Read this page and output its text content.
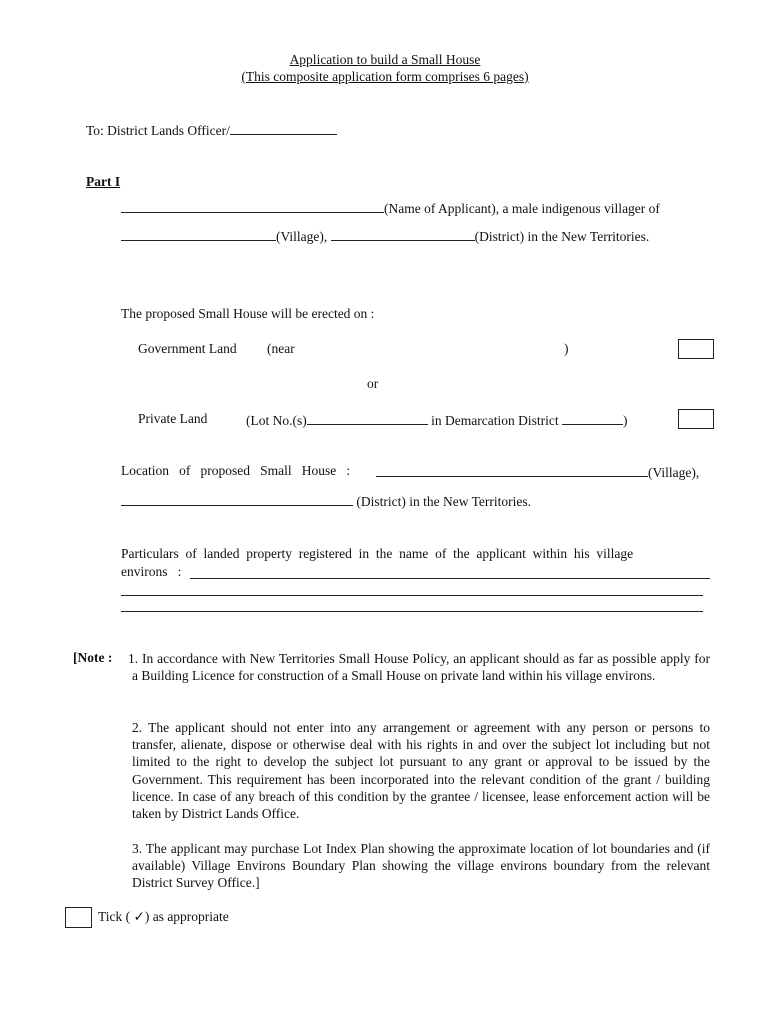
Application to build a Small House
(This composite application form comprises 6 pages)
To: District Lands Officer/
Part I
(Name of Applicant), a male indigenous villager of
(Village),	(District) in the New Territories.
The proposed Small House will be erected on :
Government Land (near	)
or
Private Land	(Lot No.(s)	in Demarcation District	)
Location   of   proposed   Small   House   :	(Village),
(District) in the New Territories.
Particulars  of  landed  property  registered  in  the  name  of  the  applicant  within  his  village
environs   :
[Note : 1. In accordance with New Territories Small House Policy, an applicant should as far as possible apply for a Building Licence for construction of a Small House on private land within his village environs.
2. The applicant should not enter into any arrangement or agreement with any person or persons to transfer, alienate, dispose or otherwise deal with his rights in and over the subject lot including but not limited to the right to develop the subject lot pursuant to any grant or approval to be issued by the Government. This requirement has been incorporated into the relevant condition of the grant / building licence. In case of any breach of this condition by the grantee / licensee, lease enforcement action will be taken by District Lands Office.
3. The applicant may purchase Lot Index Plan showing the approximate location of lot boundaries and (if available) Village Environs Boundary Plan showing the village environs boundary from the relevant District Survey Office.]
Tick ( ✓) as appropriate
